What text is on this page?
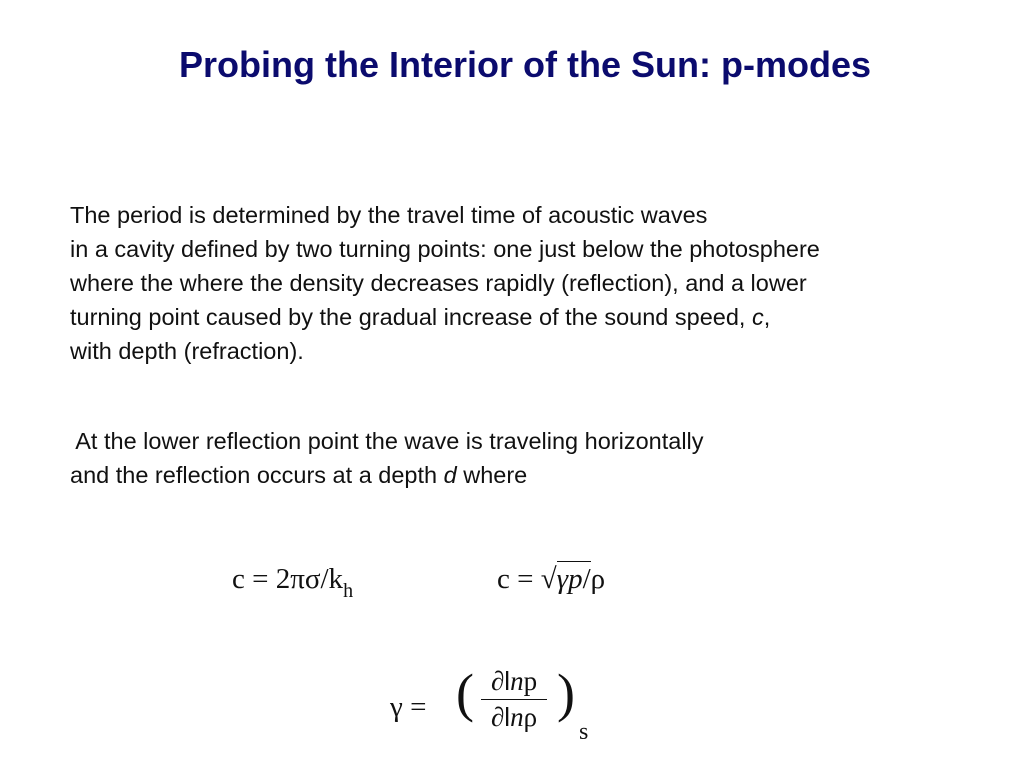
Probing the Interior of the Sun: p-modes
The period is determined by the travel time of acoustic waves
in a cavity defined by two turning points: one just below the photosphere
where the where the density decreases rapidly (reflection), and a lower
turning point caused by the gradual increase of the sound speed, c,
with depth (refraction).
At the lower reflection point the wave is traveling horizontally
and the reflection occurs at a depth d where
$c = 2\pi\sigma/k_h$	c = √γp/ρ
γ = ( ∂lnp
∂lnρ )
s
